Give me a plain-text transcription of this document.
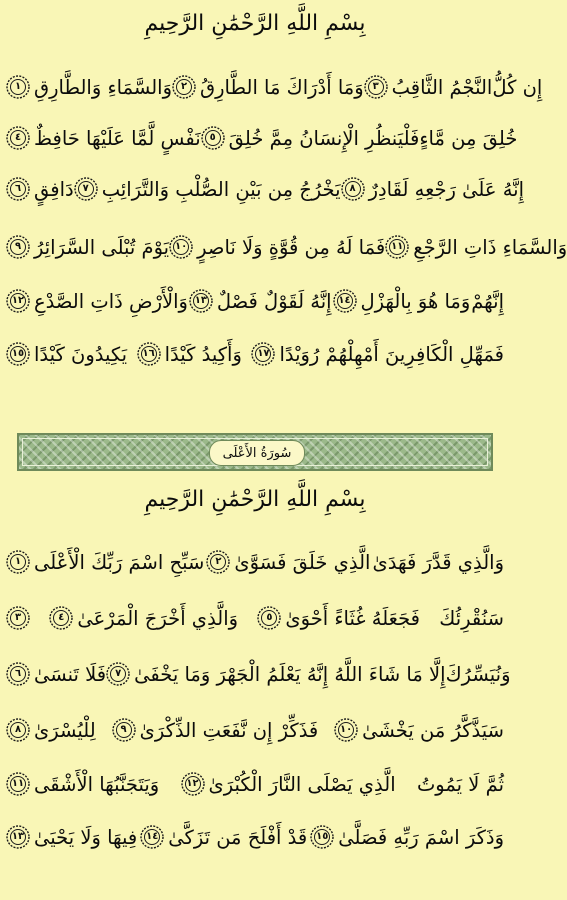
بِسْمِ اللَّهِ الرَّحْمَٰنِ الرَّحِيمِ
وَالسَّمَاءِ وَالطَّارِقِ
١	وَمَا أَدْرَاكَ مَا الطَّارِقُ
٢	النَّجْمُ الثَّاقِبُ
٣	إِن كُلُّ
نَفْسٍ لَّمَّا عَلَيْهَا حَافِظٌ
٤	فَلْيَنظُرِ الْإِنسَانُ مِمَّ خُلِقَ
٥	خُلِقَ مِن مَّاءٍ
دَافِقٍ
٦	يَخْرُجُ مِن بَيْنِ الصُّلْبِ وَالتَّرَائِبِ
٧	إِنَّهُ عَلَىٰ رَجْعِهِ لَقَادِرٌ
٨
يَوْمَ تُبْلَى السَّرَائِرُ
٩	فَمَا لَهُ مِن قُوَّةٍ وَلَا نَاصِرٍ
١٠	وَالسَّمَاءِ ذَاتِ الرَّجْعِ
١١
وَالْأَرْضِ ذَاتِ الصَّدْعِ
١٢	إِنَّهُ لَقَوْلٌ فَصْلٌ
١٣	وَمَا هُوَ بِالْهَزْلِ
١٤	إِنَّهُمْ
يَكِيدُونَ كَيْدًا
١٥	وَأَكِيدُ كَيْدًا
١٦	فَمَهِّلِ الْكَافِرِينَ أَمْهِلْهُمْ رُوَيْدًا
١٧
سُورَةُ الأَعْلَى
بِسْمِ اللَّهِ الرَّحْمَٰنِ الرَّحِيمِ
سَبِّحِ اسْمَ رَبِّكَ الْأَعْلَى
١	الَّذِي خَلَقَ فَسَوَّىٰ
٢	وَالَّذِي قَدَّرَ فَهَدَىٰ
٣	وَالَّذِي أَخْرَجَ الْمَرْعَىٰ
٤	فَجَعَلَهُ غُثَاءً أَحْوَىٰ
٥	سَنُقْرِئُكَ
فَلَا تَنسَىٰ
٦	إِلَّا مَا شَاءَ اللَّهُ إِنَّهُ يَعْلَمُ الْجَهْرَ وَمَا يَخْفَىٰ
٧	وَنُيَسِّرُكَ
لِلْيُسْرَىٰ
٨	فَذَكِّرْ إِن نَّفَعَتِ الذِّكْرَىٰ
٩	سَيَذَّكَّرُ مَن يَخْشَىٰ
١٠
وَيَتَجَنَّبُهَا الْأَشْقَى
١١	الَّذِي يَصْلَى النَّارَ الْكُبْرَىٰ
١٢	ثُمَّ لَا يَمُوتُ
فِيهَا وَلَا يَحْيَىٰ
١٣	قَدْ أَفْلَحَ مَن تَزَكَّىٰ
١٤	وَذَكَرَ اسْمَ رَبِّهِ فَصَلَّىٰ
١٥
